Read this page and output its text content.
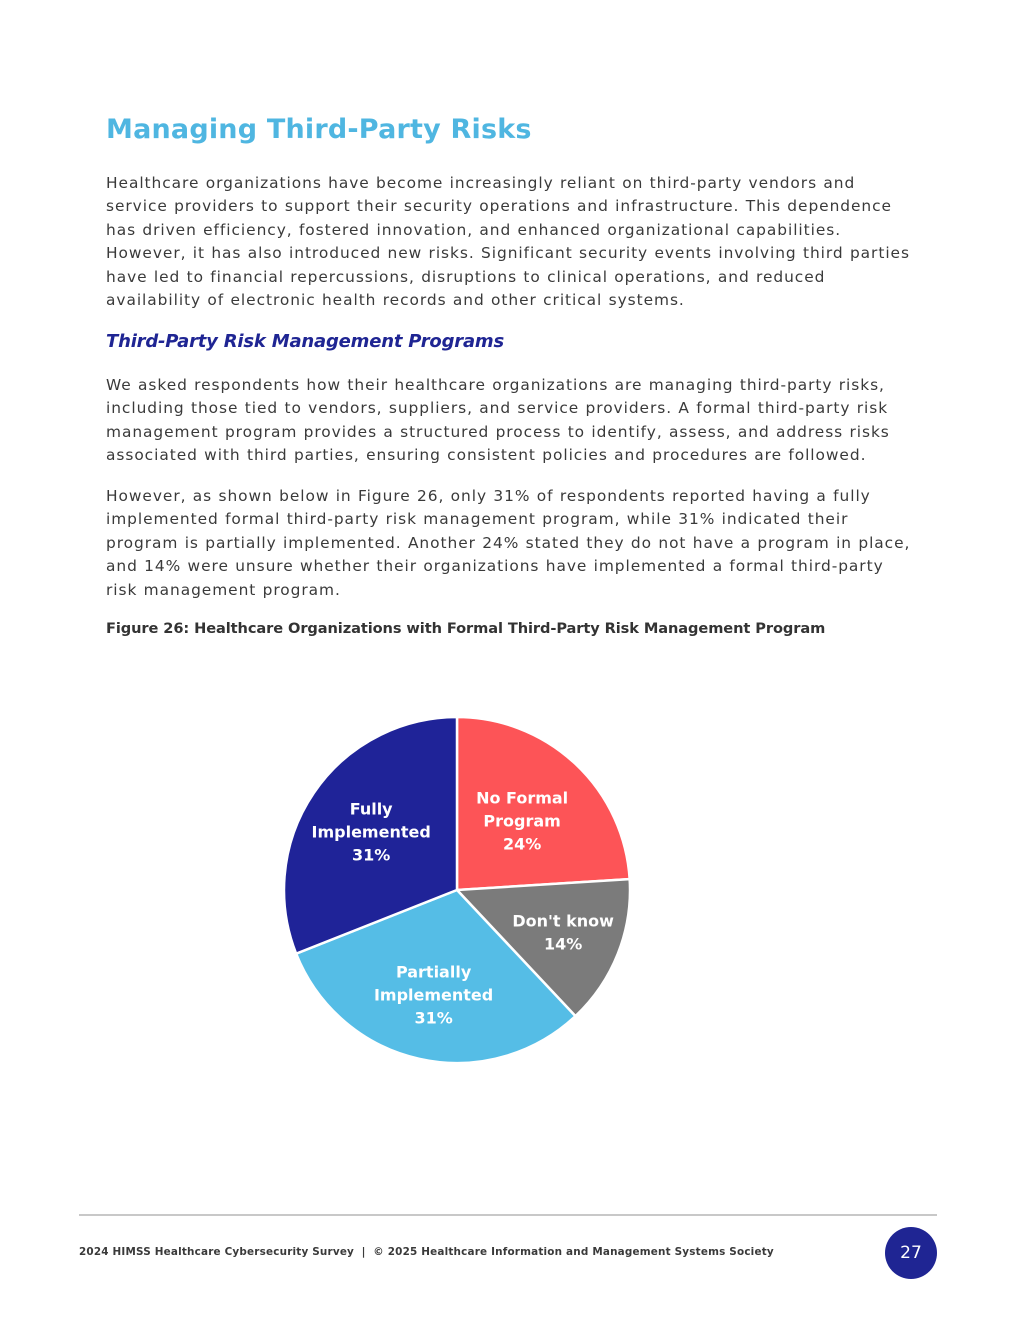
Managing Third-Party Risks

Healthcare organizations have become increasingly reliant on third-party vendors and service providers to support their security operations and infrastructure. This dependence has driven efficiency, fostered innovation, and enhanced organizational capabilities. However, it has also introduced new risks. Significant security events involving third parties have led to financial repercussions, disruptions to clinical operations, and reduced availability of electronic health records and other critical systems.

Third-Party Risk Management Programs

We asked respondents how their healthcare organizations are managing third-party risks, including those tied to vendors, suppliers, and service providers. A formal third-party risk management program provides a structured process to identify, assess, and address risks associated with third parties, ensuring consistent policies and procedures are followed.

However, as shown below in Figure 26, only 31% of respondents reported having a fully implemented formal third-party risk management program, while 31% indicated their program is partially implemented. Another 24% stated they do not have a program in place, and 14% were unsure whether their organizations have implemented a formal third-party risk management program.

Figure 26: Healthcare Organizations with Formal Third-Party Risk Management Program

No Formal Program 24%
Don't know 14%
Partially Implemented 31%
Fully Implemented 31%
2024 HIMSS Healthcare Cybersecurity Survey  |  © 2025 Healthcare Information and Management Systems Society	27
